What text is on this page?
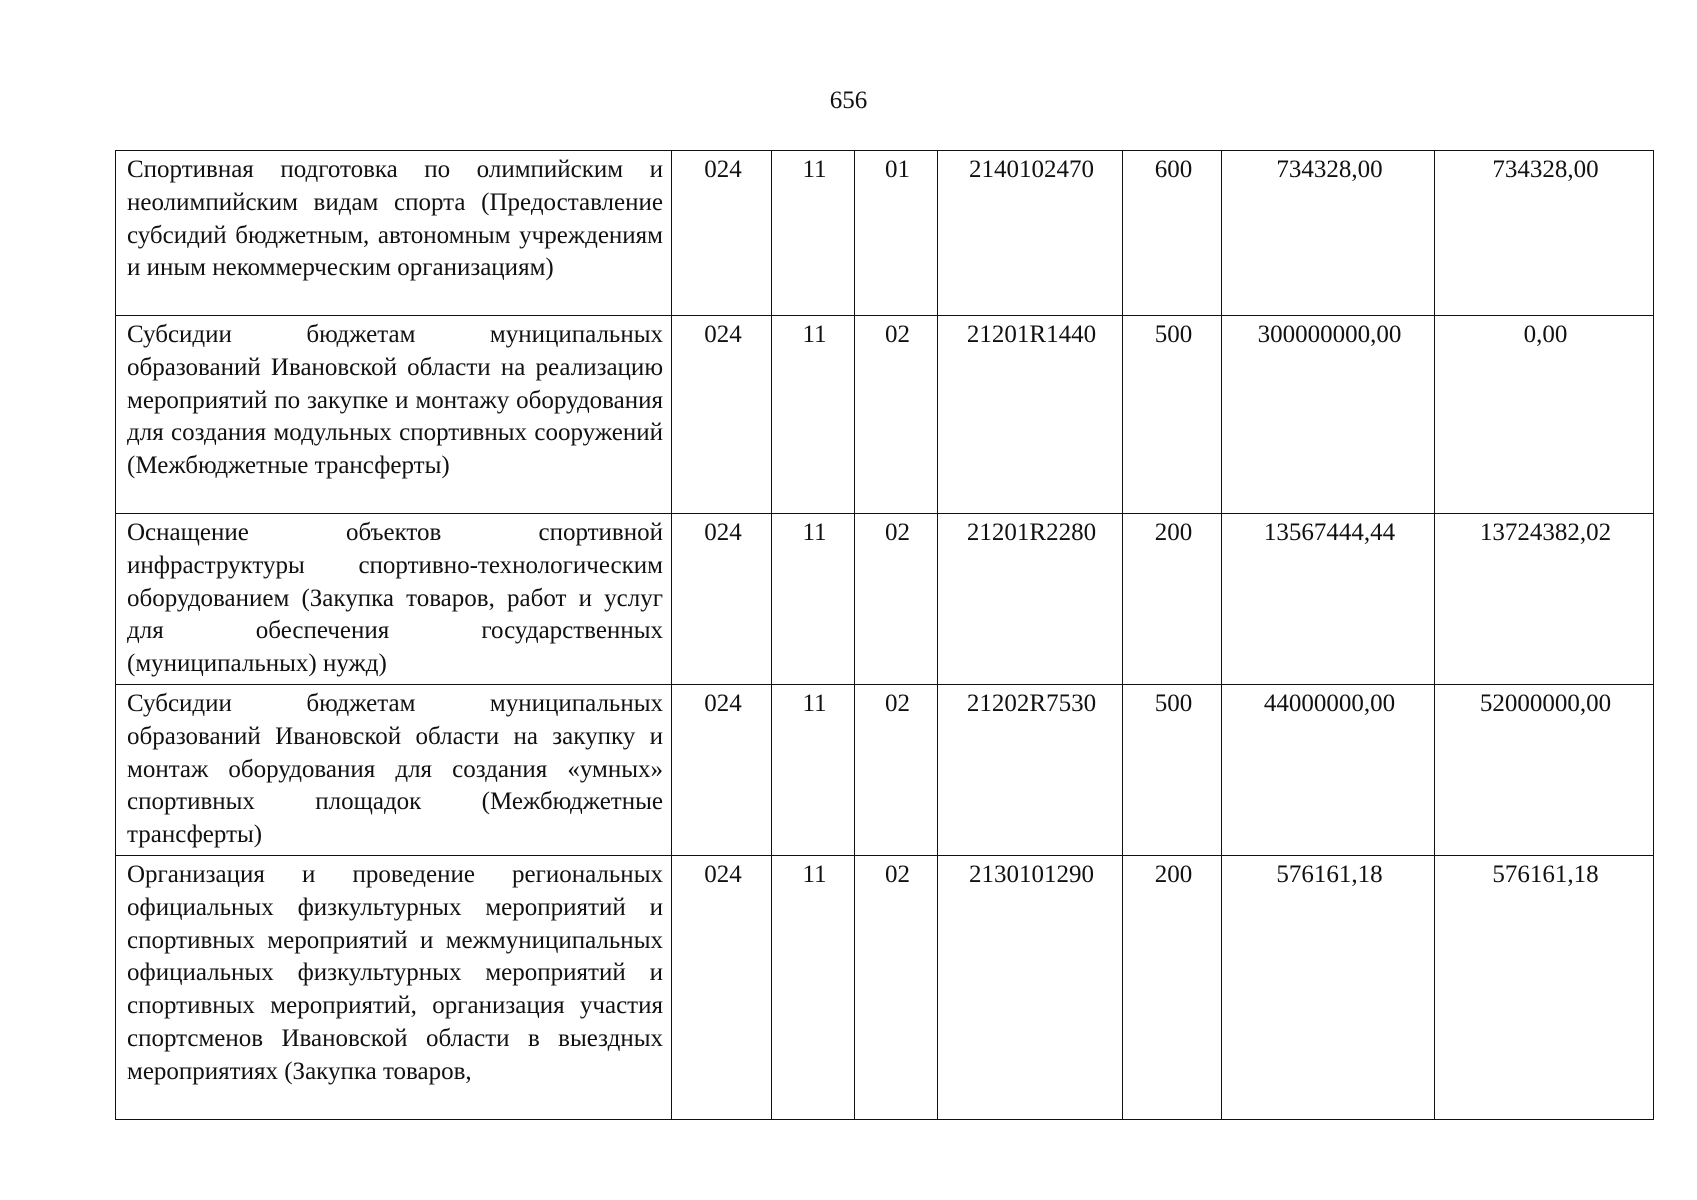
656
Спортивная подготовка по олимпийским и неолимпийским видам спорта (Предоставление субсидий бюджетным, автономным учреждениям и иным некоммерческим организациям)	024	11	01	2140102470	600	734328,00	734328,00
Субсидии бюджетам муниципальных образований Ивановской области на реализацию мероприятий по закупке и монтажу оборудования для создания модульных спортивных сооружений (Межбюджетные трансферты)	024	11	02	21201R1440	500	300000000,00	0,00
Оснащение объектов спортивной инфраструктуры спортивно-технологическим оборудованием (Закупка товаров, работ и услуг для обеспечения государственных (муниципальных) нужд)	024	11	02	21201R2280	200	13567444,44	13724382,02
Субсидии бюджетам муниципальных образований Ивановской области на закупку и монтаж оборудования для создания «умных» спортивных площадок (Межбюджетные трансферты)	024	11	02	21202R7530	500	44000000,00	52000000,00
Организация и проведение региональных официальных физкультурных мероприятий и спортивных мероприятий и межмуниципальных официальных физкультурных мероприятий и спортивных мероприятий, организация участия спортсменов Ивановской области в выездных мероприятиях (Закупка товаров,	024	11	02	2130101290	200	576161,18	576161,18
